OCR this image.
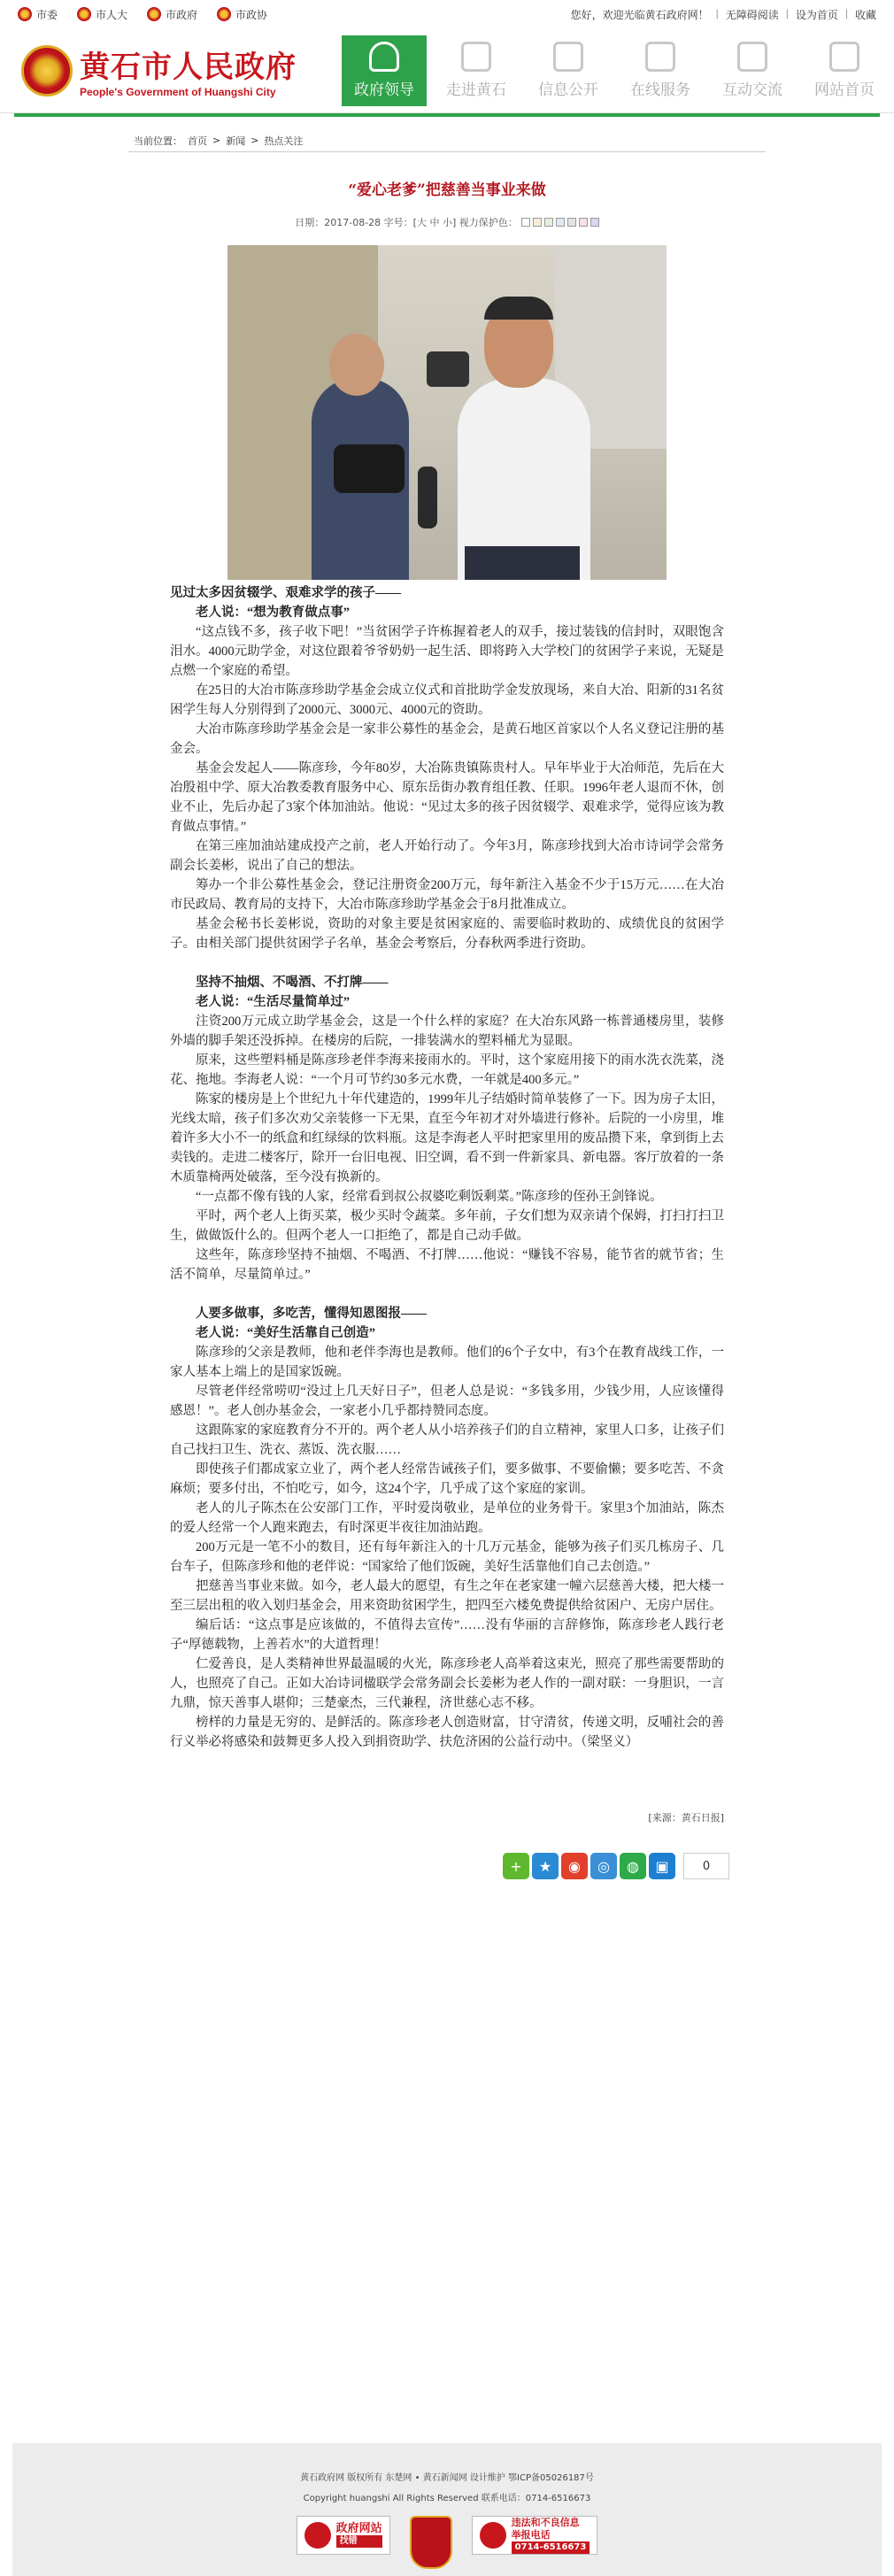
市委	市人大	市政府	市政协	您好，欢迎光临黄石政府网！ | 无障碍阅读 | 设为首页 | 收藏
黄石市人民政府
People's Government of Huangshi City	政府领导 走进黄石 信息公开 在线服务 互动交流 网站首页
当前位置： 首页 > 新闻 > 热点关注
“爱心老爹”把慈善当事业来做
日期：2017-08-28 字号：[大 中 小] 视力保护色：

见过太多因贫辍学、艰难求学的孩子——

老人说：“想为教育做点事”

“这点钱不多，孩子收下吧！”当贫困学子许栋握着老人的双手，接过装钱的信封时，双眼饱含泪水。4000元助学金，对这位跟着爷爷奶奶一起生活、即将跨入大学校门的贫困学子来说，无疑是点燃一个家庭的希望。

在25日的大冶市陈彦珍助学基金会成立仪式和首批助学金发放现场，来自大冶、阳新的31名贫困学生每人分别得到了2000元、3000元、4000元的资助。

大冶市陈彦珍助学基金会是一家非公募性的基金会，是黄石地区首家以个人名义登记注册的基金会。

基金会发起人——陈彦珍，今年80岁，大冶陈贵镇陈贵村人。早年毕业于大冶师范，先后在大冶殷祖中学、原大冶教委教育服务中心、原东岳街办教育组任教、任职。1996年老人退而不休，创业不止，先后办起了3家个体加油站。他说：“见过太多的孩子因贫辍学、艰难求学，觉得应该为教育做点事情。”

在第三座加油站建成投产之前，老人开始行动了。今年3月，陈彦珍找到大冶市诗词学会常务副会长姜彬，说出了自己的想法。

筹办一个非公募性基金会，登记注册资金200万元，每年新注入基金不少于15万元……在大冶市民政局、教育局的支持下，大冶市陈彦珍助学基金会于8月批准成立。

基金会秘书长姜彬说，资助的对象主要是贫困家庭的、需要临时救助的、成绩优良的贫困学子。由相关部门提供贫困学子名单，基金会考察后，分春秋两季进行资助。

坚持不抽烟、不喝酒、不打牌——

老人说：“生活尽量简单过”

注资200万元成立助学基金会，这是一个什么样的家庭？在大冶东风路一栋普通楼房里，装修外墙的脚手架还没拆掉。在楼房的后院，一排装满水的塑料桶尤为显眼。

原来，这些塑料桶是陈彦珍老伴李海来接雨水的。平时，这个家庭用接下的雨水洗衣洗菜，浇花、拖地。李海老人说：“一个月可节约30多元水费，一年就是400多元。”

陈家的楼房是上个世纪九十年代建造的，1999年儿子结婚时简单装修了一下。因为房子太旧，光线太暗，孩子们多次劝父亲装修一下无果，直至今年初才对外墙进行修补。后院的一小房里，堆着许多大小不一的纸盒和红绿绿的饮料瓶。这是李海老人平时把家里用的废品攒下来，拿到街上去卖钱的。走进二楼客厅，除开一台旧电视、旧空调，看不到一件新家具、新电器。客厅放着的一条木质靠椅两处破落，至今没有换新的。

“一点都不像有钱的人家，经常看到叔公叔婆吃剩饭剩菜。”陈彦珍的侄孙王剑锋说。

平时，两个老人上街买菜，极少买时令蔬菜。多年前，子女们想为双亲请个保姆，打扫打扫卫生，做做饭什么的。但两个老人一口拒绝了，都是自己动手做。

这些年，陈彦珍坚持不抽烟、不喝酒、不打牌……他说：“赚钱不容易，能节省的就节省；生活不简单，尽量简单过。”

人要多做事，多吃苦，懂得知恩图报——

老人说：“美好生活靠自己创造”

陈彦珍的父亲是教师，他和老伴李海也是教师。他们的6个子女中，有3个在教育战线工作，一家人基本上端上的是国家饭碗。

尽管老伴经常唠叨“没过上几天好日子”，但老人总是说：“多钱多用，少钱少用，人应该懂得感恩！”。老人创办基金会，一家老小几乎都持赞同态度。

这跟陈家的家庭教育分不开的。两个老人从小培养孩子们的自立精神，家里人口多，让孩子们自己找扫卫生、洗衣、蒸饭、洗衣服……

即使孩子们都成家立业了，两个老人经常告诫孩子们，要多做事、不要偷懒；要多吃苦、不贪麻烦；要多付出，不怕吃亏，如今，这24个字，几乎成了这个家庭的家训。

老人的儿子陈杰在公安部门工作，平时爱岗敬业，是单位的业务骨干。家里3个加油站，陈杰的爱人经常一个人跑来跑去，有时深更半夜往加油站跑。

200万元是一笔不小的数目，还有每年新注入的十几万元基金，能够为孩子们买几栋房子、几台车子，但陈彦珍和他的老伴说：“国家给了他们饭碗，美好生活靠他们自己去创造。”

把慈善当事业来做。如今，老人最大的愿望，有生之年在老家建一幢六层慈善大楼，把大楼一至三层出租的收入划归基金会，用来资助贫困学生，把四至六楼免费提供给贫困户、无房户居住。

编后话：“这点事是应该做的，不值得去宣传”……没有华丽的言辞修饰，陈彦珍老人践行老子“厚德载物，上善若水”的大道哲理！

仁爱善良，是人类精神世界最温暖的火光，陈彦珍老人高举着这束光，照亮了那些需要帮助的人，也照亮了自己。正如大冶诗词楹联学会常务副会长姜彬为老人作的一副对联：一身胆识，一言九鼎，惊天善事人堪仰；三楚豪杰，三代兼程，济世慈心志不移。

榜样的力量是无穷的、是鲜活的。陈彦珍老人创造财富，甘守清贫，传递文明，反哺社会的善行义举必将感染和鼓舞更多人投入到捐资助学、扶危济困的公益行动中。（梁坚义）

[来源：黄石日报]
+	★	◉	◎	◍	▣	0
黄石政府网 版权所有 东楚网 • 黄石新闻网 设计维护 鄂ICP备05026187号
Copyright huangshi All Rights Reserved 联系电话：0714-6516673
政府网站
找错
违法和不良信息
举报电话
0714-6516673
